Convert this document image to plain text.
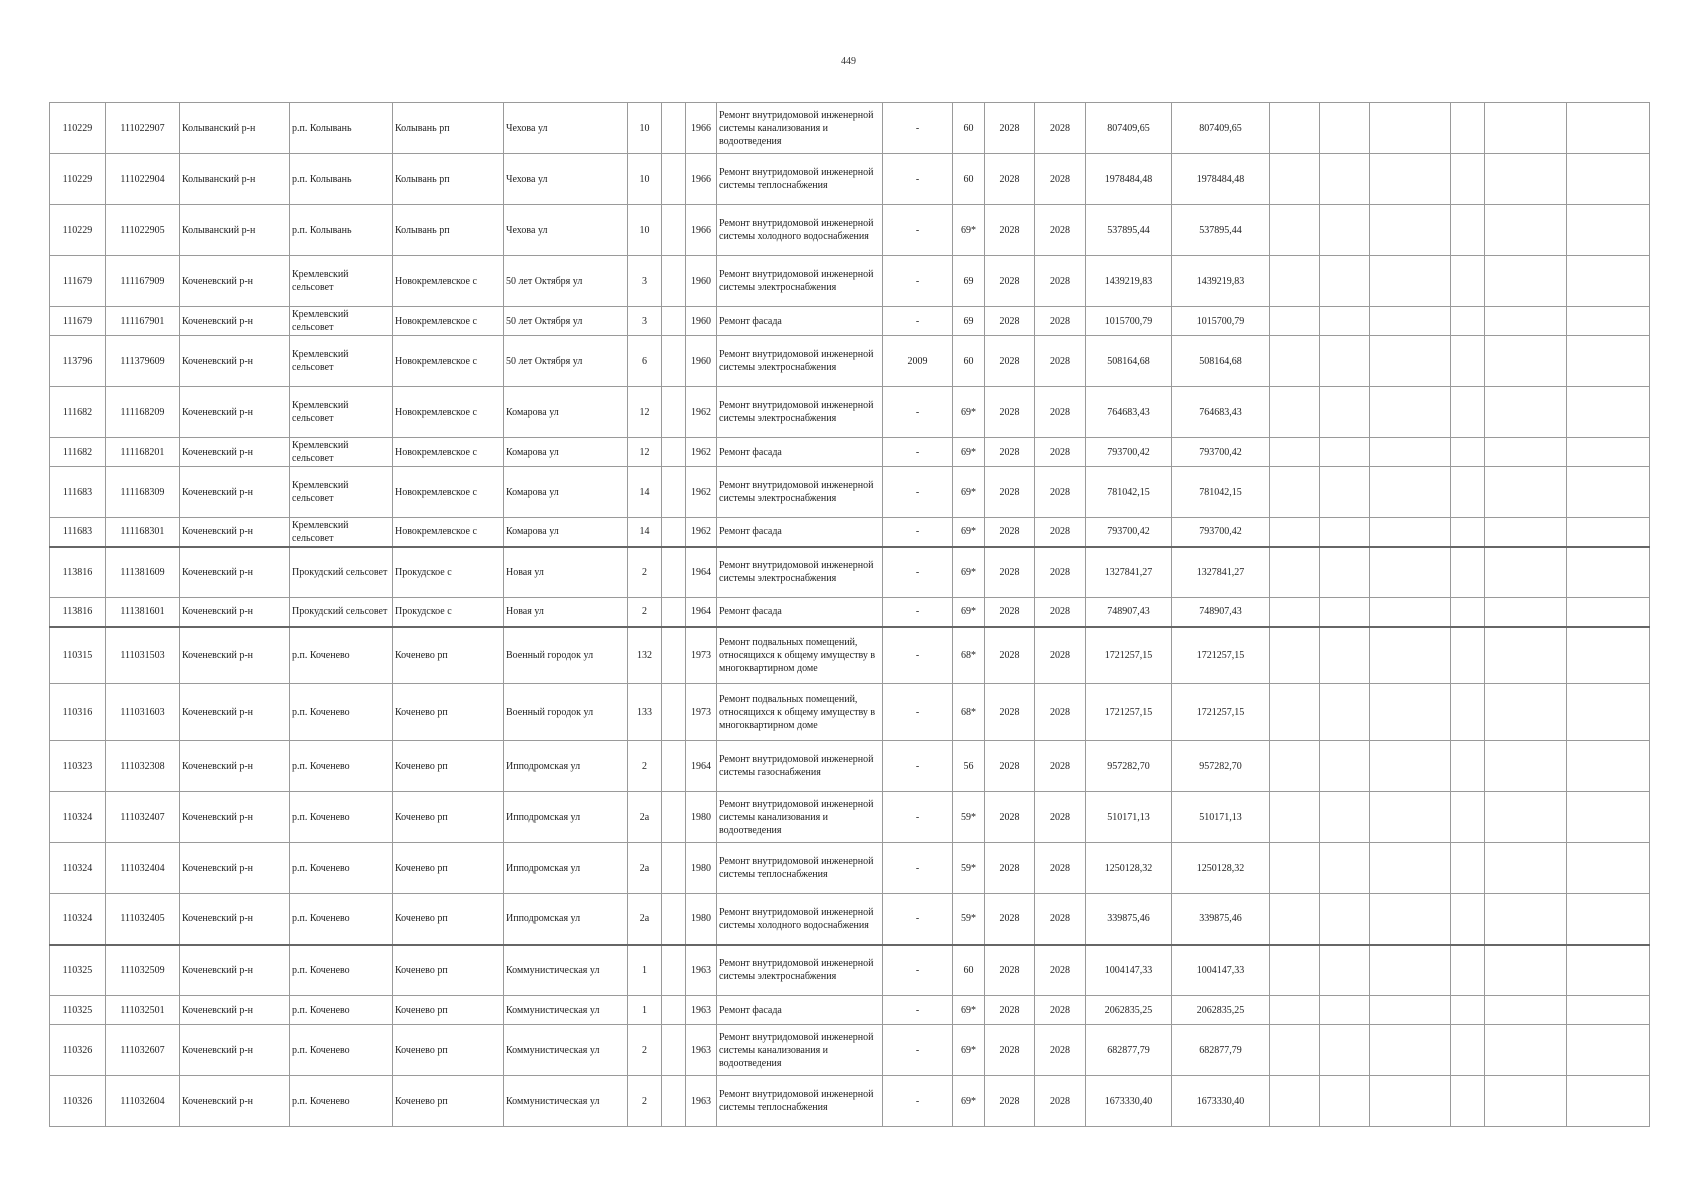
449
110229	111022907	Колыванский р-н	р.п. Колывань	Колывань рп	Чехова ул	10		1966	Ремонт внутридомовой инженерной системы канализования и водоотведения	-	60	2028	2028	807409,65	807409,65						
110229	111022904	Колыванский р-н	р.п. Колывань	Колывань рп	Чехова ул	10		1966	Ремонт внутридомовой инженерной системы теплоснабжения	-	60	2028	2028	1978484,48	1978484,48						
110229	111022905	Колыванский р-н	р.п. Колывань	Колывань рп	Чехова ул	10		1966	Ремонт внутридомовой инженерной системы холодного водоснабжения	-	69*	2028	2028	537895,44	537895,44						
111679	111167909	Коченевский р-н	Кремлевский сельсовет	Новокремлевское с	50 лет Октября ул	3		1960	Ремонт внутридомовой инженерной системы электроснабжения	-	69	2028	2028	1439219,83	1439219,83						
111679	111167901	Коченевский р-н	Кремлевский сельсовет	Новокремлевское с	50 лет Октября ул	3		1960	Ремонт фасада	-	69	2028	2028	1015700,79	1015700,79						
113796	111379609	Коченевский р-н	Кремлевский сельсовет	Новокремлевское с	50 лет Октября ул	6		1960	Ремонт внутридомовой инженерной системы электроснабжения	2009	60	2028	2028	508164,68	508164,68						
111682	111168209	Коченевский р-н	Кремлевский сельсовет	Новокремлевское с	Комарова ул	12		1962	Ремонт внутридомовой инженерной системы электроснабжения	-	69*	2028	2028	764683,43	764683,43						
111682	111168201	Коченевский р-н	Кремлевский сельсовет	Новокремлевское с	Комарова ул	12		1962	Ремонт фасада	-	69*	2028	2028	793700,42	793700,42						
111683	111168309	Коченевский р-н	Кремлевский сельсовет	Новокремлевское с	Комарова ул	14		1962	Ремонт внутридомовой инженерной системы электроснабжения	-	69*	2028	2028	781042,15	781042,15						
111683	111168301	Коченевский р-н	Кремлевский сельсовет	Новокремлевское с	Комарова ул	14		1962	Ремонт фасада	-	69*	2028	2028	793700,42	793700,42						
113816	111381609	Коченевский р-н	Прокудский сельсовет	Прокудское с	Новая ул	2		1964	Ремонт внутридомовой инженерной системы электроснабжения	-	69*	2028	2028	1327841,27	1327841,27						
113816	111381601	Коченевский р-н	Прокудский сельсовет	Прокудское с	Новая ул	2		1964	Ремонт фасада	-	69*	2028	2028	748907,43	748907,43						
110315	111031503	Коченевский р-н	р.п. Коченево	Коченево рп	Военный городок ул	132		1973	Ремонт подвальных помещений, относящихся к общему имуществу в многоквартирном доме	-	68*	2028	2028	1721257,15	1721257,15						
110316	111031603	Коченевский р-н	р.п. Коченево	Коченево рп	Военный городок ул	133		1973	Ремонт подвальных помещений, относящихся к общему имуществу в многоквартирном доме	-	68*	2028	2028	1721257,15	1721257,15						
110323	111032308	Коченевский р-н	р.п. Коченево	Коченево рп	Ипподромская ул	2		1964	Ремонт внутридомовой инженерной системы газоснабжения	-	56	2028	2028	957282,70	957282,70						
110324	111032407	Коченевский р-н	р.п. Коченево	Коченево рп	Ипподромская ул	2а		1980	Ремонт внутридомовой инженерной системы канализования и водоотведения	-	59*	2028	2028	510171,13	510171,13						
110324	111032404	Коченевский р-н	р.п. Коченево	Коченево рп	Ипподромская ул	2а		1980	Ремонт внутридомовой инженерной системы теплоснабжения	-	59*	2028	2028	1250128,32	1250128,32						
110324	111032405	Коченевский р-н	р.п. Коченево	Коченево рп	Ипподромская ул	2а		1980	Ремонт внутридомовой инженерной системы холодного водоснабжения	-	59*	2028	2028	339875,46	339875,46						
110325	111032509	Коченевский р-н	р.п. Коченево	Коченево рп	Коммунистическая ул	1		1963	Ремонт внутридомовой инженерной системы электроснабжения	-	60	2028	2028	1004147,33	1004147,33						
110325	111032501	Коченевский р-н	р.п. Коченево	Коченево рп	Коммунистическая ул	1		1963	Ремонт фасада	-	69*	2028	2028	2062835,25	2062835,25						
110326	111032607	Коченевский р-н	р.п. Коченево	Коченево рп	Коммунистическая ул	2		1963	Ремонт внутридомовой инженерной системы канализования и водоотведения	-	69*	2028	2028	682877,79	682877,79						
110326	111032604	Коченевский р-н	р.п. Коченево	Коченево рп	Коммунистическая ул	2		1963	Ремонт внутридомовой инженерной системы теплоснабжения	-	69*	2028	2028	1673330,40	1673330,40						
